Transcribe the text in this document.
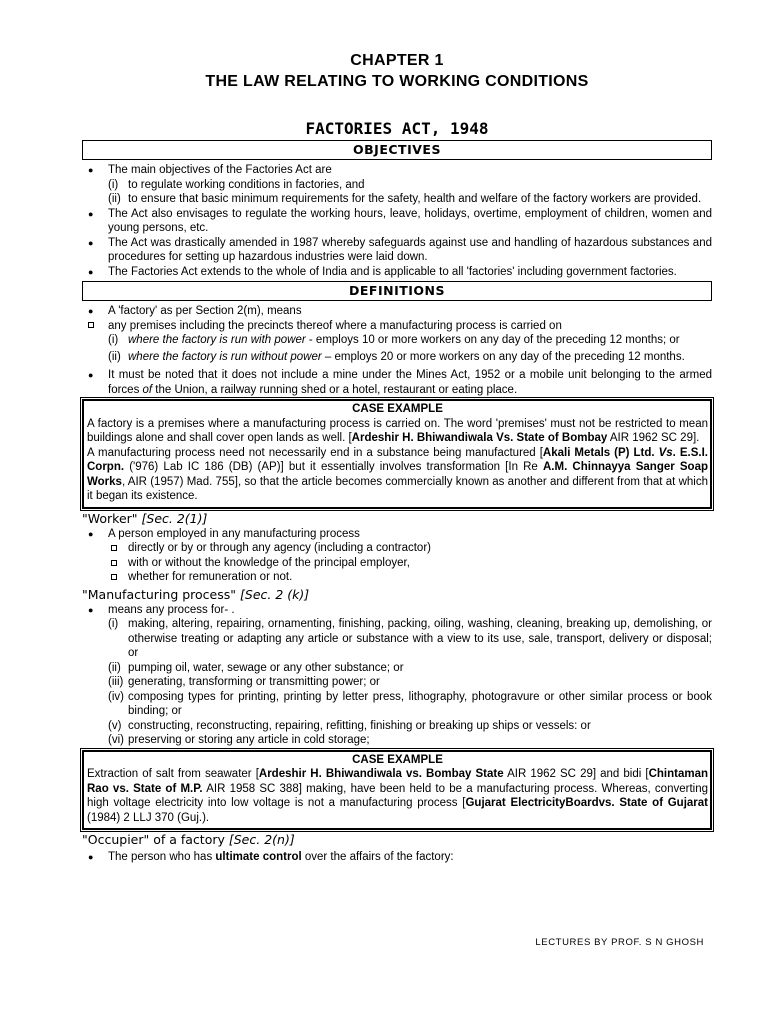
CHAPTER 1
THE LAW RELATING TO WORKING CONDITIONS
FACTORIES ACT, 1948
OBJECTIVES
● The main objectives of the Factories Act are
(i) to regulate working conditions in factories, and
(ii) to ensure that basic minimum requirements for the safety, health and welfare of the factory workers are provided.
● The Act also envisages to regulate the working hours, leave, holidays, overtime, employment of children, women and young persons, etc.
● The Act was drastically amended in 1987 whereby safeguards against use and handling of hazardous substances and procedures for setting up hazardous industries were laid down.
● The Factories Act extends to the whole of India and is applicable to all 'factories' including government factories.
DEFINITIONS
● A 'factory' as per Section 2(m), means
any premises including the precincts thereof where a manufacturing process is carried on
(i) where the factory is run with power - employs 10 or more workers on any day of the preceding 12 months; or
(ii) where the factory is run without power – employs 20 or more workers on any day of the preceding 12 months.
● It must be noted that it does not include a mine under the Mines Act, 1952 or a mobile unit belonging to the armed forces of the Union, a railway running shed or a hotel, restaurant or eating place.
CASE EXAMPLE
A factory is a premises where a manufacturing process is carried on. The word 'premises' must not be restricted to mean buildings alone and shall cover open lands as well. [Ardeshir H. Bhiwandiwala Vs. State of Bombay AIR 1962 SC 29].
A manufacturing process need not necessarily end in a substance being manufactured [Akali Metals (P) Ltd. Vs. E.S.I. Corpn. ('976) Lab IC 186 (DB) (AP)] but it essentially involves transformation [In Re A.M. Chinnayya Sanger Soap Works, AIR (1957) Mad. 755], so that the article becomes commercially known as another and different from that at which it began its existence.
"Worker" [Sec. 2(1)]
● A person employed in any manufacturing process
directly or by or through any agency (including a contractor)
with or without the knowledge of the principal employer,
whether for remuneration or not.
"Manufacturing process" [Sec. 2 (k)]
● means any process for- .
(i) making, altering, repairing, ornamenting, finishing, packing, oiling, washing, cleaning, breaking up, demolishing, or otherwise treating or adapting any article or substance with a view to its use, sale, transport, delivery or disposal; or
(ii) pumping oil, water, sewage or any other substance; or
(iii) generating, transforming or transmitting power; or
(iv) composing types for printing, printing by letter press, lithography, photogravure or other similar process or book binding; or
(v) constructing, reconstructing, repairing, refitting, finishing or breaking up ships or vessels: or
(vi) preserving or storing any article in cold storage;
CASE EXAMPLE
Extraction of salt from seawater [Ardeshir H. Bhiwandiwala vs. Bombay State AIR 1962 SC 29] and bidi [Chintaman Rao vs. State of M.P. AIR 1958 SC 388] making, have been held to be a manufacturing process. Whereas, converting high voltage electricity into low voltage is not a manufacturing process [Gujarat ElectricityBoardvs. State of Gujarat (1984) 2 LLJ 370 (Guj.).
"Occupier" of a factory [Sec. 2(n)]
● The person who has ultimate control over the affairs of the factory:
LECTURES BY PROF. S N GHOSH
